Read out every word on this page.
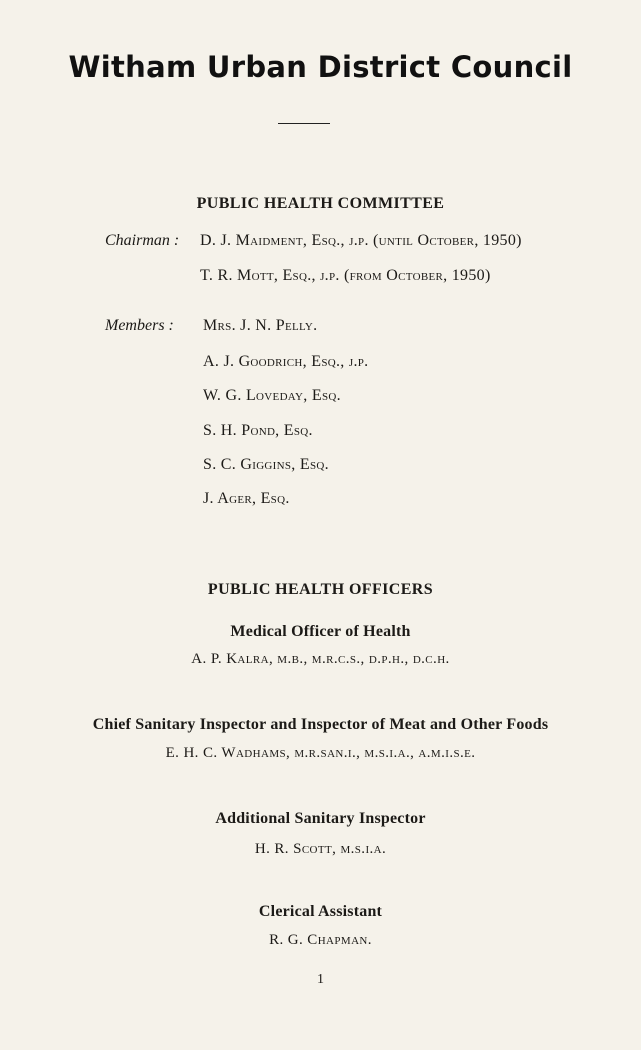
Witham Urban District Council
PUBLIC HEALTH COMMITTEE
Chairman : D. J. Maidment, Esq., j.p. (until October, 1950)
T. R. Mott, Esq., j.p. (from October, 1950)
Members : Mrs. J. N. Pelly.
A. J. Goodrich, Esq., j.p.
W. G. Loveday, Esq.
S. H. Pond, Esq.
S. C. Giggins, Esq.
J. Ager, Esq.
PUBLIC HEALTH OFFICERS
Medical Officer of Health
A. P. Kalra, m.b., m.r.c.s., d.p.h., d.c.h.
Chief Sanitary Inspector and Inspector of Meat and Other Foods
E. H. C. Wadhams, m.r.san.i., m.s.i.a., a.m.i.s.e.
Additional Sanitary Inspector
H. R. Scott, m.s.i.a.
Clerical Assistant
R. G. Chapman.
1
